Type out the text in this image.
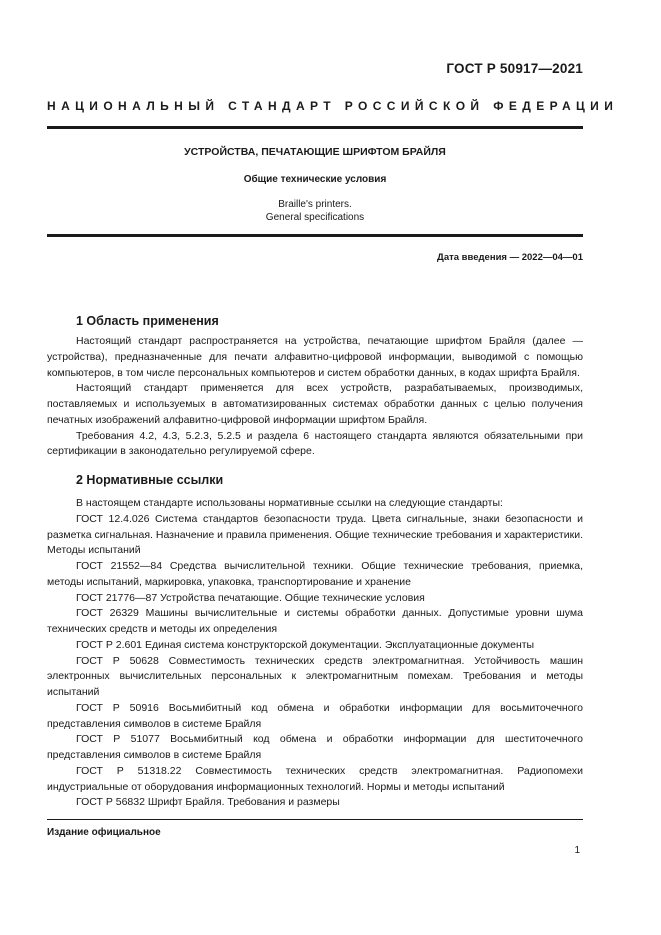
ГОСТ Р 50917—2021
НАЦИОНАЛЬНЫЙ СТАНДАРТ РОССИЙСКОЙ ФЕДЕРАЦИИ

УСТРОЙСТВА, ПЕЧАТАЮЩИЕ ШРИФТОМ БРАЙЛЯ

Общие технические условия

Braille's printers.
General specifications

Дата введения — 2022—04—01
1 Область применения

Настоящий стандарт распространяется на устройства, печатающие шрифтом Брайля (далее — устройства), предназначенные для печати алфавитно-цифровой информации, выводимой с помощью компьютеров, в том числе персональных компьютеров и систем обработки данных, в кодах шрифта Брайля.

Настоящий стандарт применяется для всех устройств, разрабатываемых, производимых, поставляемых и используемых в автоматизированных системах обработки данных с целью получения печатных изображений алфавитно-цифровой информации шрифтом Брайля.

Требования 4.2, 4.3, 5.2.3, 5.2.5 и раздела 6 настоящего стандарта являются обязательными при сертификации в законодательно регулируемой сфере.

2 Нормативные ссылки

В настоящем стандарте использованы нормативные ссылки на следующие стандарты:

ГОСТ 12.4.026 Система стандартов безопасности труда. Цвета сигнальные, знаки безопасности и разметка сигнальная. Назначение и правила применения. Общие технические требования и характеристики. Методы испытаний

ГОСТ 21552—84 Средства вычислительной техники. Общие технические требования, приемка, методы испытаний, маркировка, упаковка, транспортирование и хранение

ГОСТ 21776—87 Устройства печатающие. Общие технические условия

ГОСТ 26329 Машины вычислительные и системы обработки данных. Допустимые уровни шума технических средств и методы их определения

ГОСТ Р 2.601 Единая система конструкторской документации. Эксплуатационные документы

ГОСТ Р 50628 Совместимость технических средств электромагнитная. Устойчивость машин электронных вычислительных персональных к электромагнитным помехам. Требования и методы испытаний

ГОСТ Р 50916 Восьмибитный код обмена и обработки информации для восьмиточечного представления символов в системе Брайля

ГОСТ Р 51077 Восьмибитный код обмена и обработки информации для шеститочечного представления символов в системе Брайля

ГОСТ Р 51318.22 Совместимость технических средств электромагнитная. Радиопомехи индустриальные от оборудования информационных технологий. Нормы и методы испытаний

ГОСТ Р 56832 Шрифт Брайля. Требования и размеры

Издание официальное
1
